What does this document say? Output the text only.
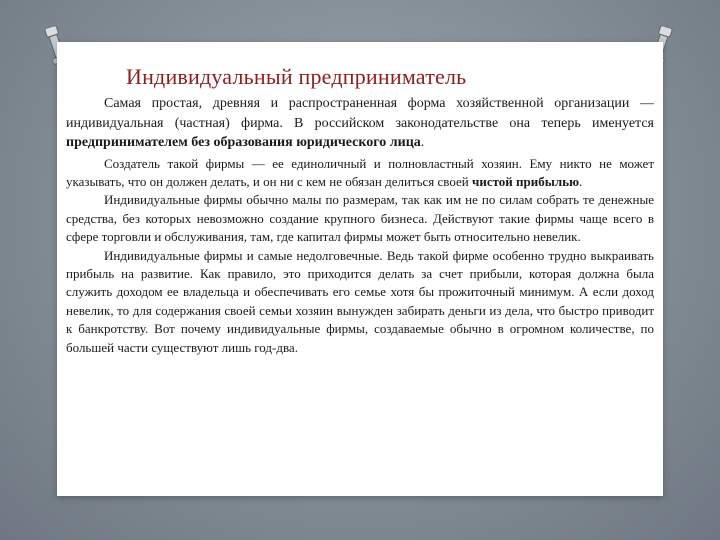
Индивидуальный предприниматель

Самая простая, древняя и распространенная форма хозяйственной организации — индивидуальная (частная) фирма. В российском законодательстве она теперь именуется предпринимателем без образования юридического лица.

Создатель такой фирмы — ее единоличный и полновластный хозяин. Ему никто не может указывать, что он должен делать, и он ни с кем не обязан делиться своей чистой прибылью.

Индивидуальные фирмы обычно малы по размерам, так как им не по силам собрать те денежные средства, без которых невозможно создание крупного бизнеса. Действуют такие фирмы чаще всего в сфере торговли и обслуживания, там, где капитал фирмы может быть относительно невелик.

Индивидуальные фирмы и самые недолговечные. Ведь такой фирме особенно трудно выкраивать прибыль на развитие. Как правило, это приходится делать за счет прибыли, которая должна была служить доходом ее владельца и обеспечивать его семье хотя бы прожиточный минимум. А если доход невелик, то для содержания своей семьи хозяин вынужден забирать деньги из дела, что быстро приводит к банкротству. Вот почему индивидуальные фирмы, создаваемые обычно в огромном количестве, по большей части существуют лишь год-два.
